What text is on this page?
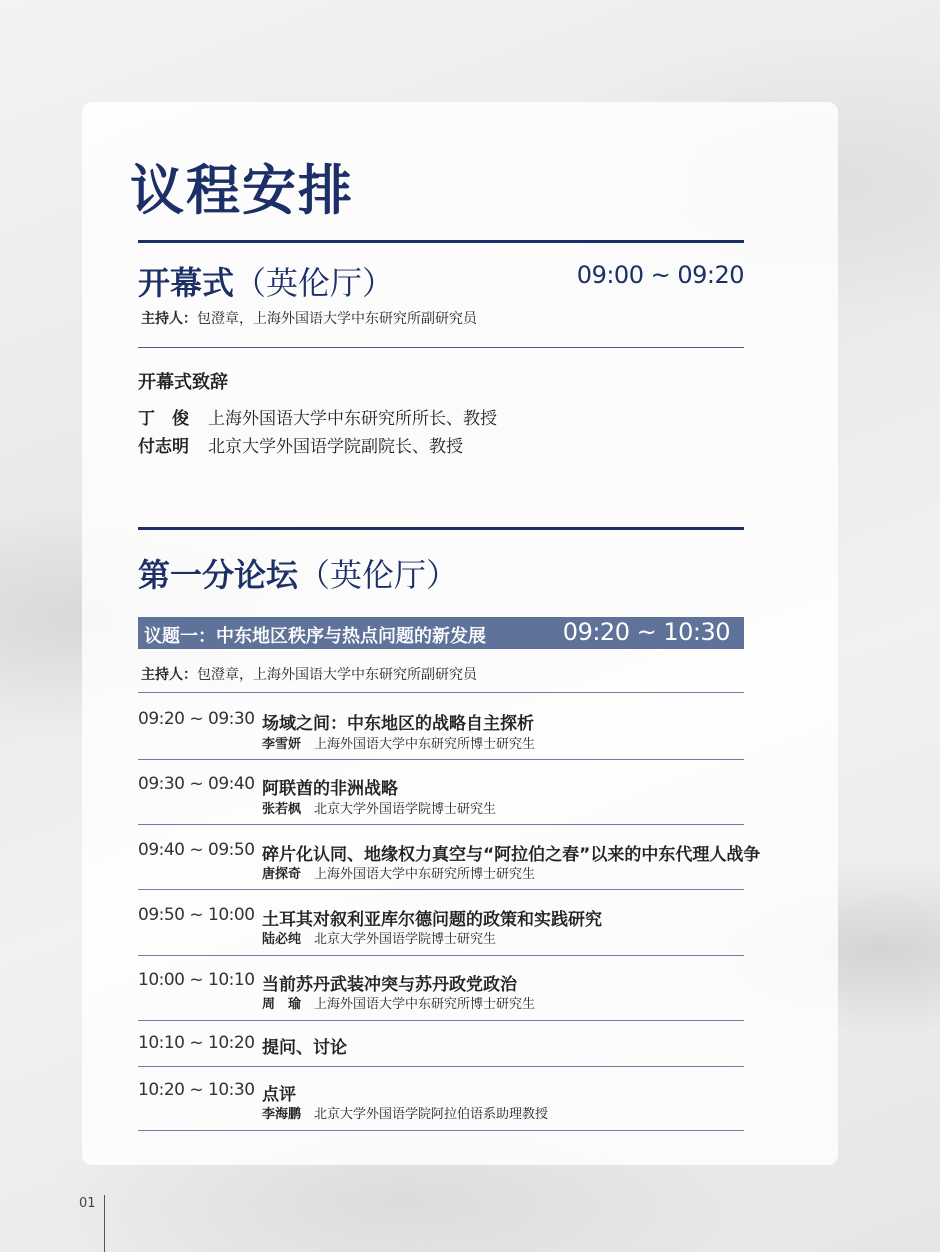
议程安排
开幕式（英伦厅）	09:00 ~ 09:20
主持人：包澄章，上海外国语大学中东研究所副研究员
开幕式致辞
丁　俊 上海外国语大学中东研究所所长、教授
付志明 北京大学外国语学院副院长、教授
第一分论坛（英伦厅）
议题一：中东地区秩序与热点问题的新发展	09:20 ~ 10:30
主持人：包澄章，上海外国语大学中东研究所副研究员
09:20 ~ 09:30 场域之间：中东地区的战略自主探析
李雪妍 上海外国语大学中东研究所博士研究生
09:30 ~ 09:40 阿联酋的非洲战略
张若枫 北京大学外国语学院博士研究生
09:40 ~ 09:50 碎片化认同、地缘权力真空与“阿拉伯之春”以来的中东代理人战争
唐探奇 上海外国语大学中东研究所博士研究生
09:50 ~ 10:00 土耳其对叙利亚库尔德问题的政策和实践研究
陆必纯 北京大学外国语学院博士研究生
10:00 ~ 10:10 当前苏丹武装冲突与苏丹政党政治
周　瑜 上海外国语大学中东研究所博士研究生
10:10 ~ 10:20 提问、讨论
10:20 ~ 10:30 点评
李海鹏 北京大学外国语学院阿拉伯语系助理教授
01
